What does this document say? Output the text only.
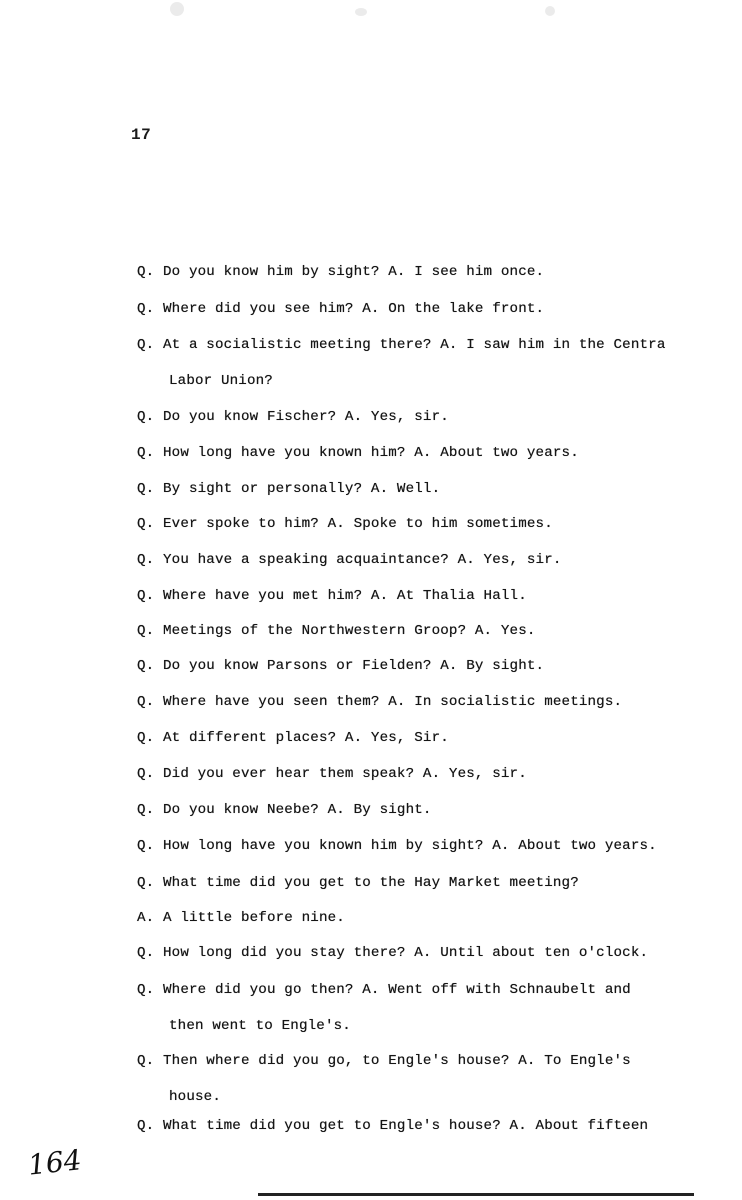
17
Q. Do you know him by sight? A. I see him once.
Q. Where did you see him? A. On the lake front.
Q. At a socialistic meeting there? A. I saw him in the Centra
Labor Union?
Q. Do you know Fischer? A. Yes, sir.
Q. How long have you known him? A. About two years.
Q. By sight or personally? A. Well.
Q. Ever spoke to him? A. Spoke to him sometimes.
Q. You have a speaking acquaintance? A. Yes, sir.
Q. Where have you met him? A. At Thalia Hall.
Q. Meetings of the Northwestern Groop? A. Yes.
Q. Do you know Parsons or Fielden? A. By sight.
Q. Where have you seen them? A. In socialistic meetings.
Q. At different places? A. Yes, Sir.
Q. Did you ever hear them speak? A. Yes, sir.
Q. Do you know Neebe? A. By sight.
Q. How long have you known him by sight? A. About two years.
Q. What time did you get to the Hay Market meeting?
A. A little before nine.
Q. How long did you stay there? A. Until about ten o'clock.
Q. Where did you go then? A. Went off with Schnaubelt and
then went to Engle's.
Q. Then where did you go, to Engle's house? A. To Engle's
house.
Q. What time did you get to Engle's house? A. About fifteen
164
